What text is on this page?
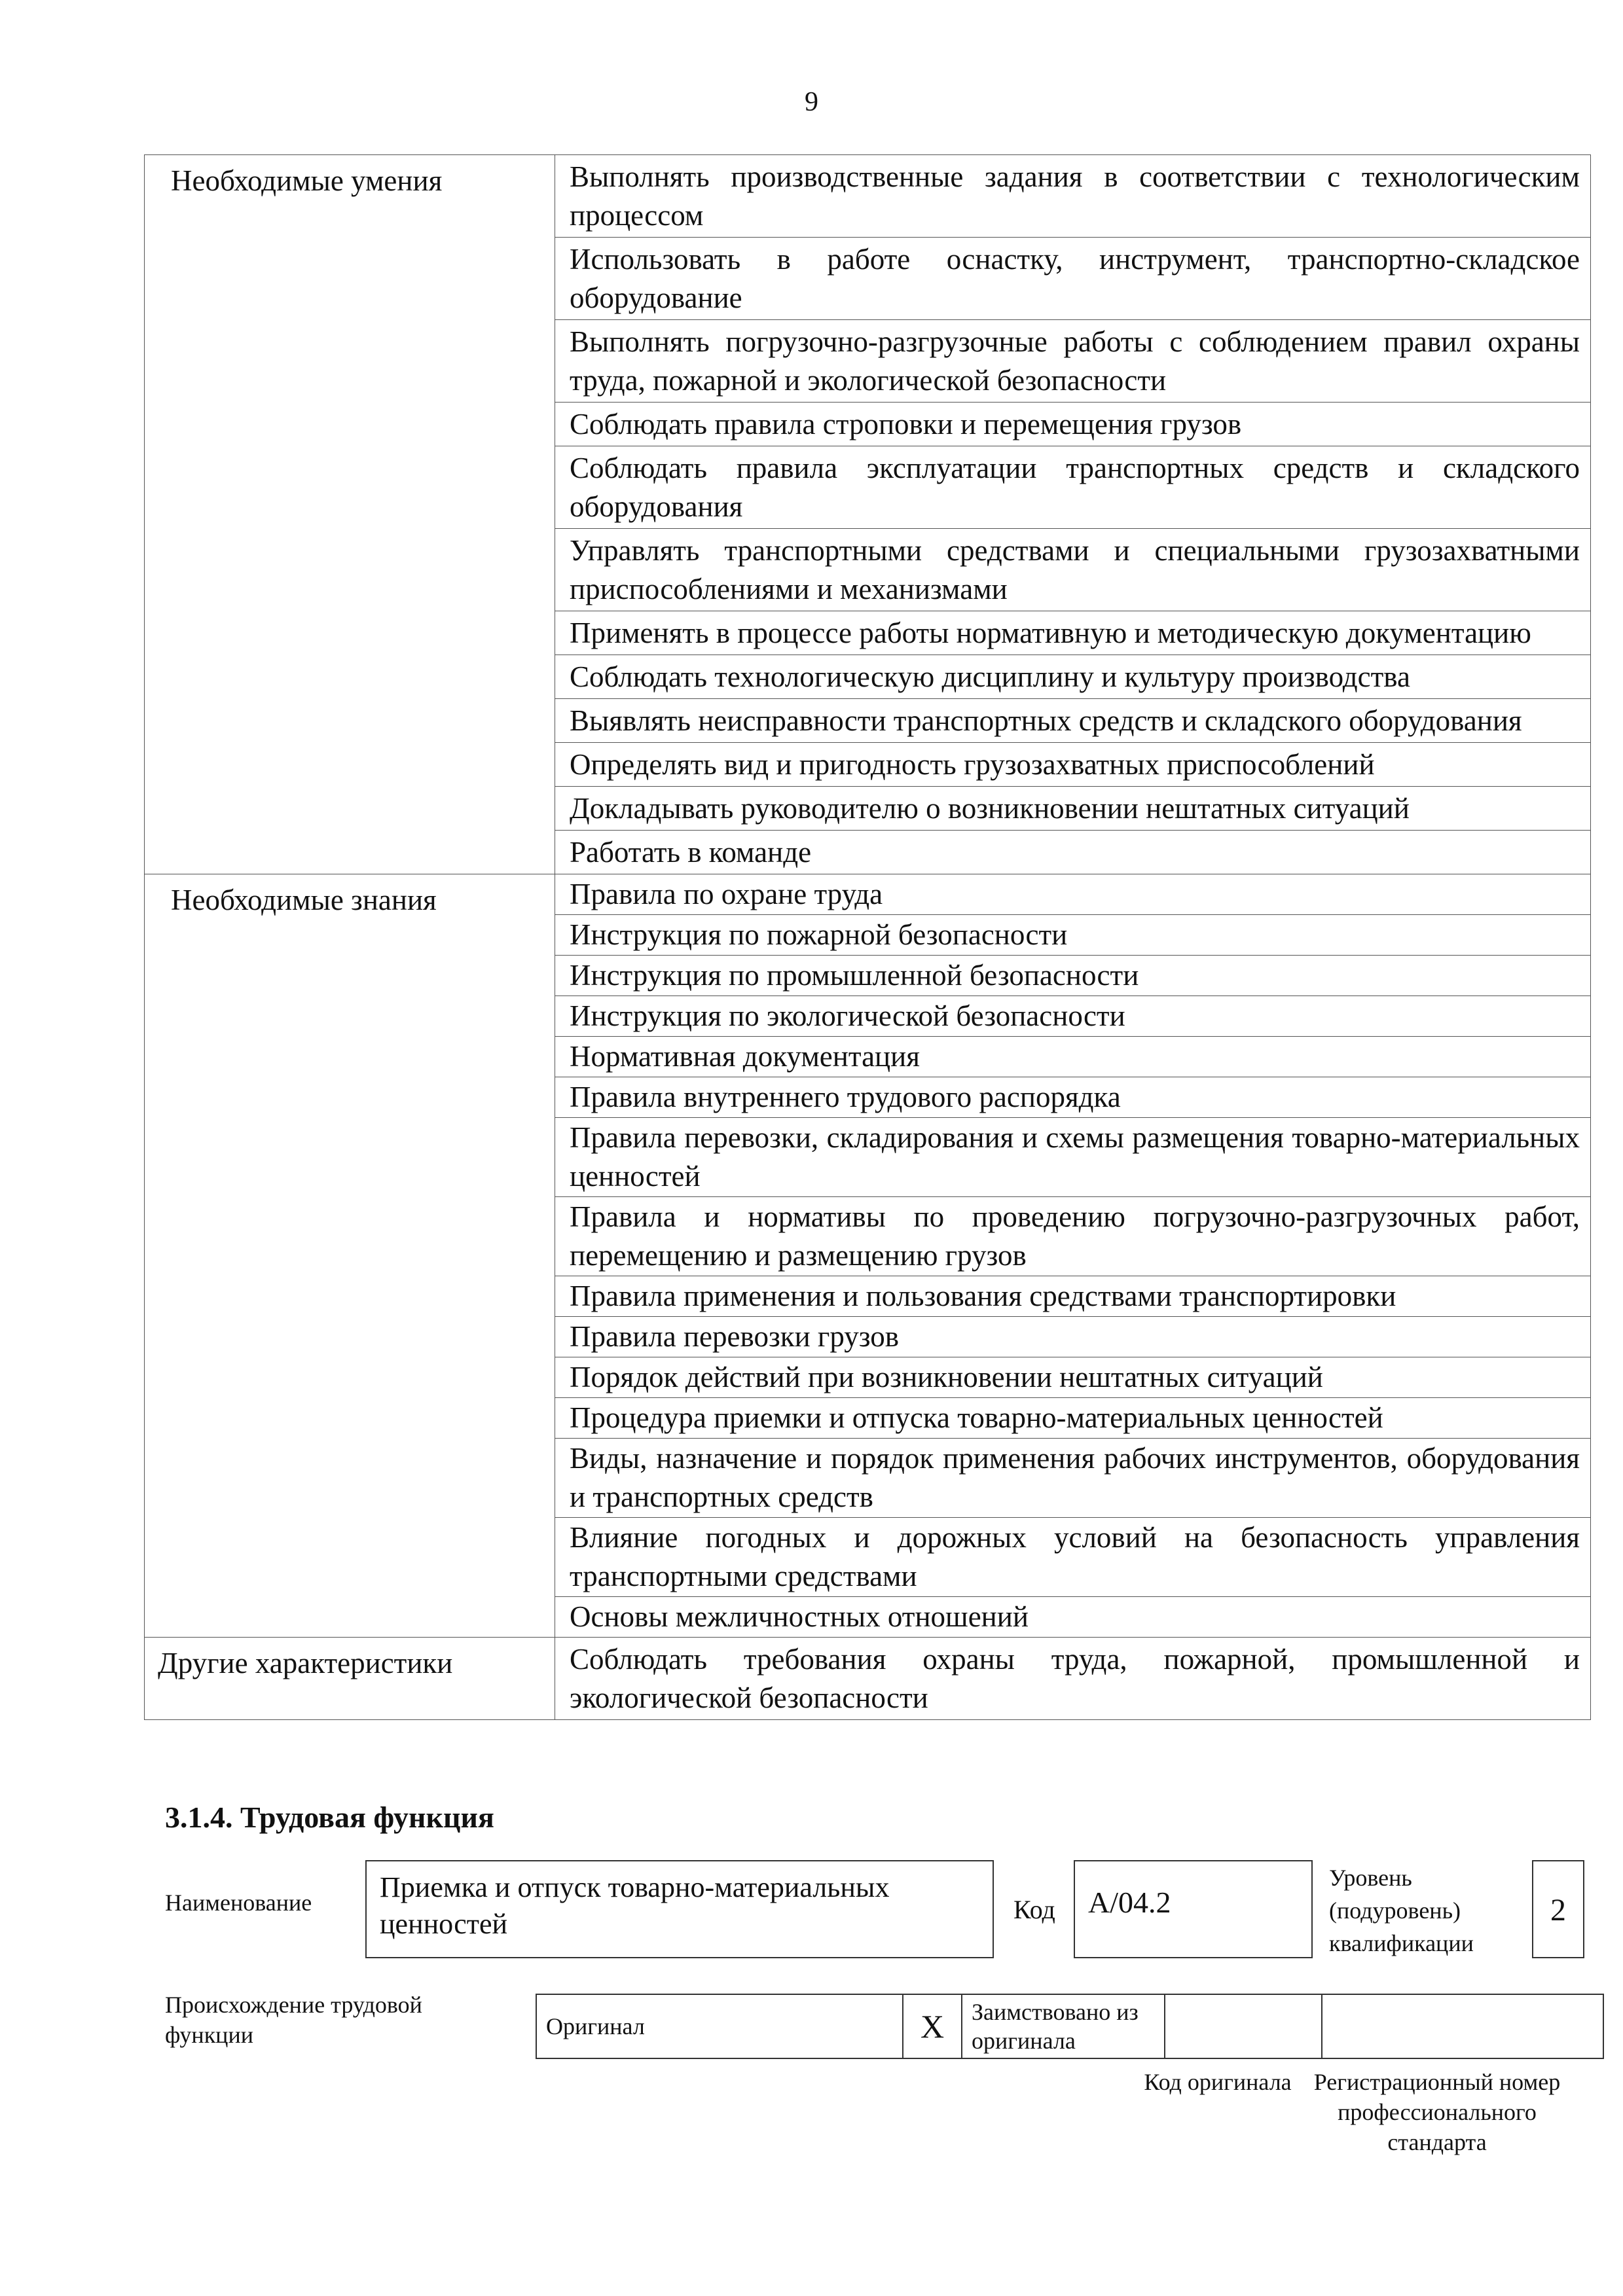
9
Необходимые умения	Выполнять производственные задания в соответствии с технологическим процессом
	Использовать в работе оснастку, инструмент, транспортно-складское оборудование
	Выполнять погрузочно-разгрузочные работы с соблюдением правил охраны труда, пожарной и экологической безопасности
	Соблюдать правила строповки и перемещения грузов
	Соблюдать правила эксплуатации транспортных средств и складского оборудования
	Управлять транспортными средствами и специальными грузозахватными приспособлениями и механизмами
	Применять в процессе работы нормативную и методическую документацию
	Соблюдать технологическую дисциплину и культуру производства
	Выявлять неисправности транспортных средств и складского оборудования
	Определять вид и пригодность грузозахватных приспособлений
	Докладывать руководителю о возникновении нештатных ситуаций
	Работать в команде
Необходимые знания	Правила по охране труда
	Инструкция по пожарной безопасности
	Инструкция по промышленной безопасности
	Инструкция по экологической безопасности
	Нормативная документация
	Правила внутреннего трудового распорядка
	Правила перевозки, складирования и схемы размещения товарно-материальных ценностей
	Правила и нормативы по проведению погрузочно-разгрузочных работ, перемещению и размещению грузов
	Правила применения и пользования средствами транспортировки
	Правила перевозки грузов
	Порядок действий при возникновении нештатных ситуаций
	Процедура приемки и отпуска товарно-материальных ценностей
	Виды, назначение и порядок применения рабочих инструментов, оборудования и транспортных средств
	Влияние погодных и дорожных условий на безопасность управления транспортными средствами
	Основы межличностных отношений
Другие характеристики	Соблюдать требования охраны труда, пожарной, промышленной и экологической безопасности
3.1.4. Трудовая функция
Наименование	Приемка и отпуск товарно-материальных ценностей	Код	A/04.2
Уровень (подуровень) квалификации
2
Происхождение трудовой функции	Оригинал	X	Заимствовано из оригинала		
Код оригинала Регистрационный номер профессионального стандарта
